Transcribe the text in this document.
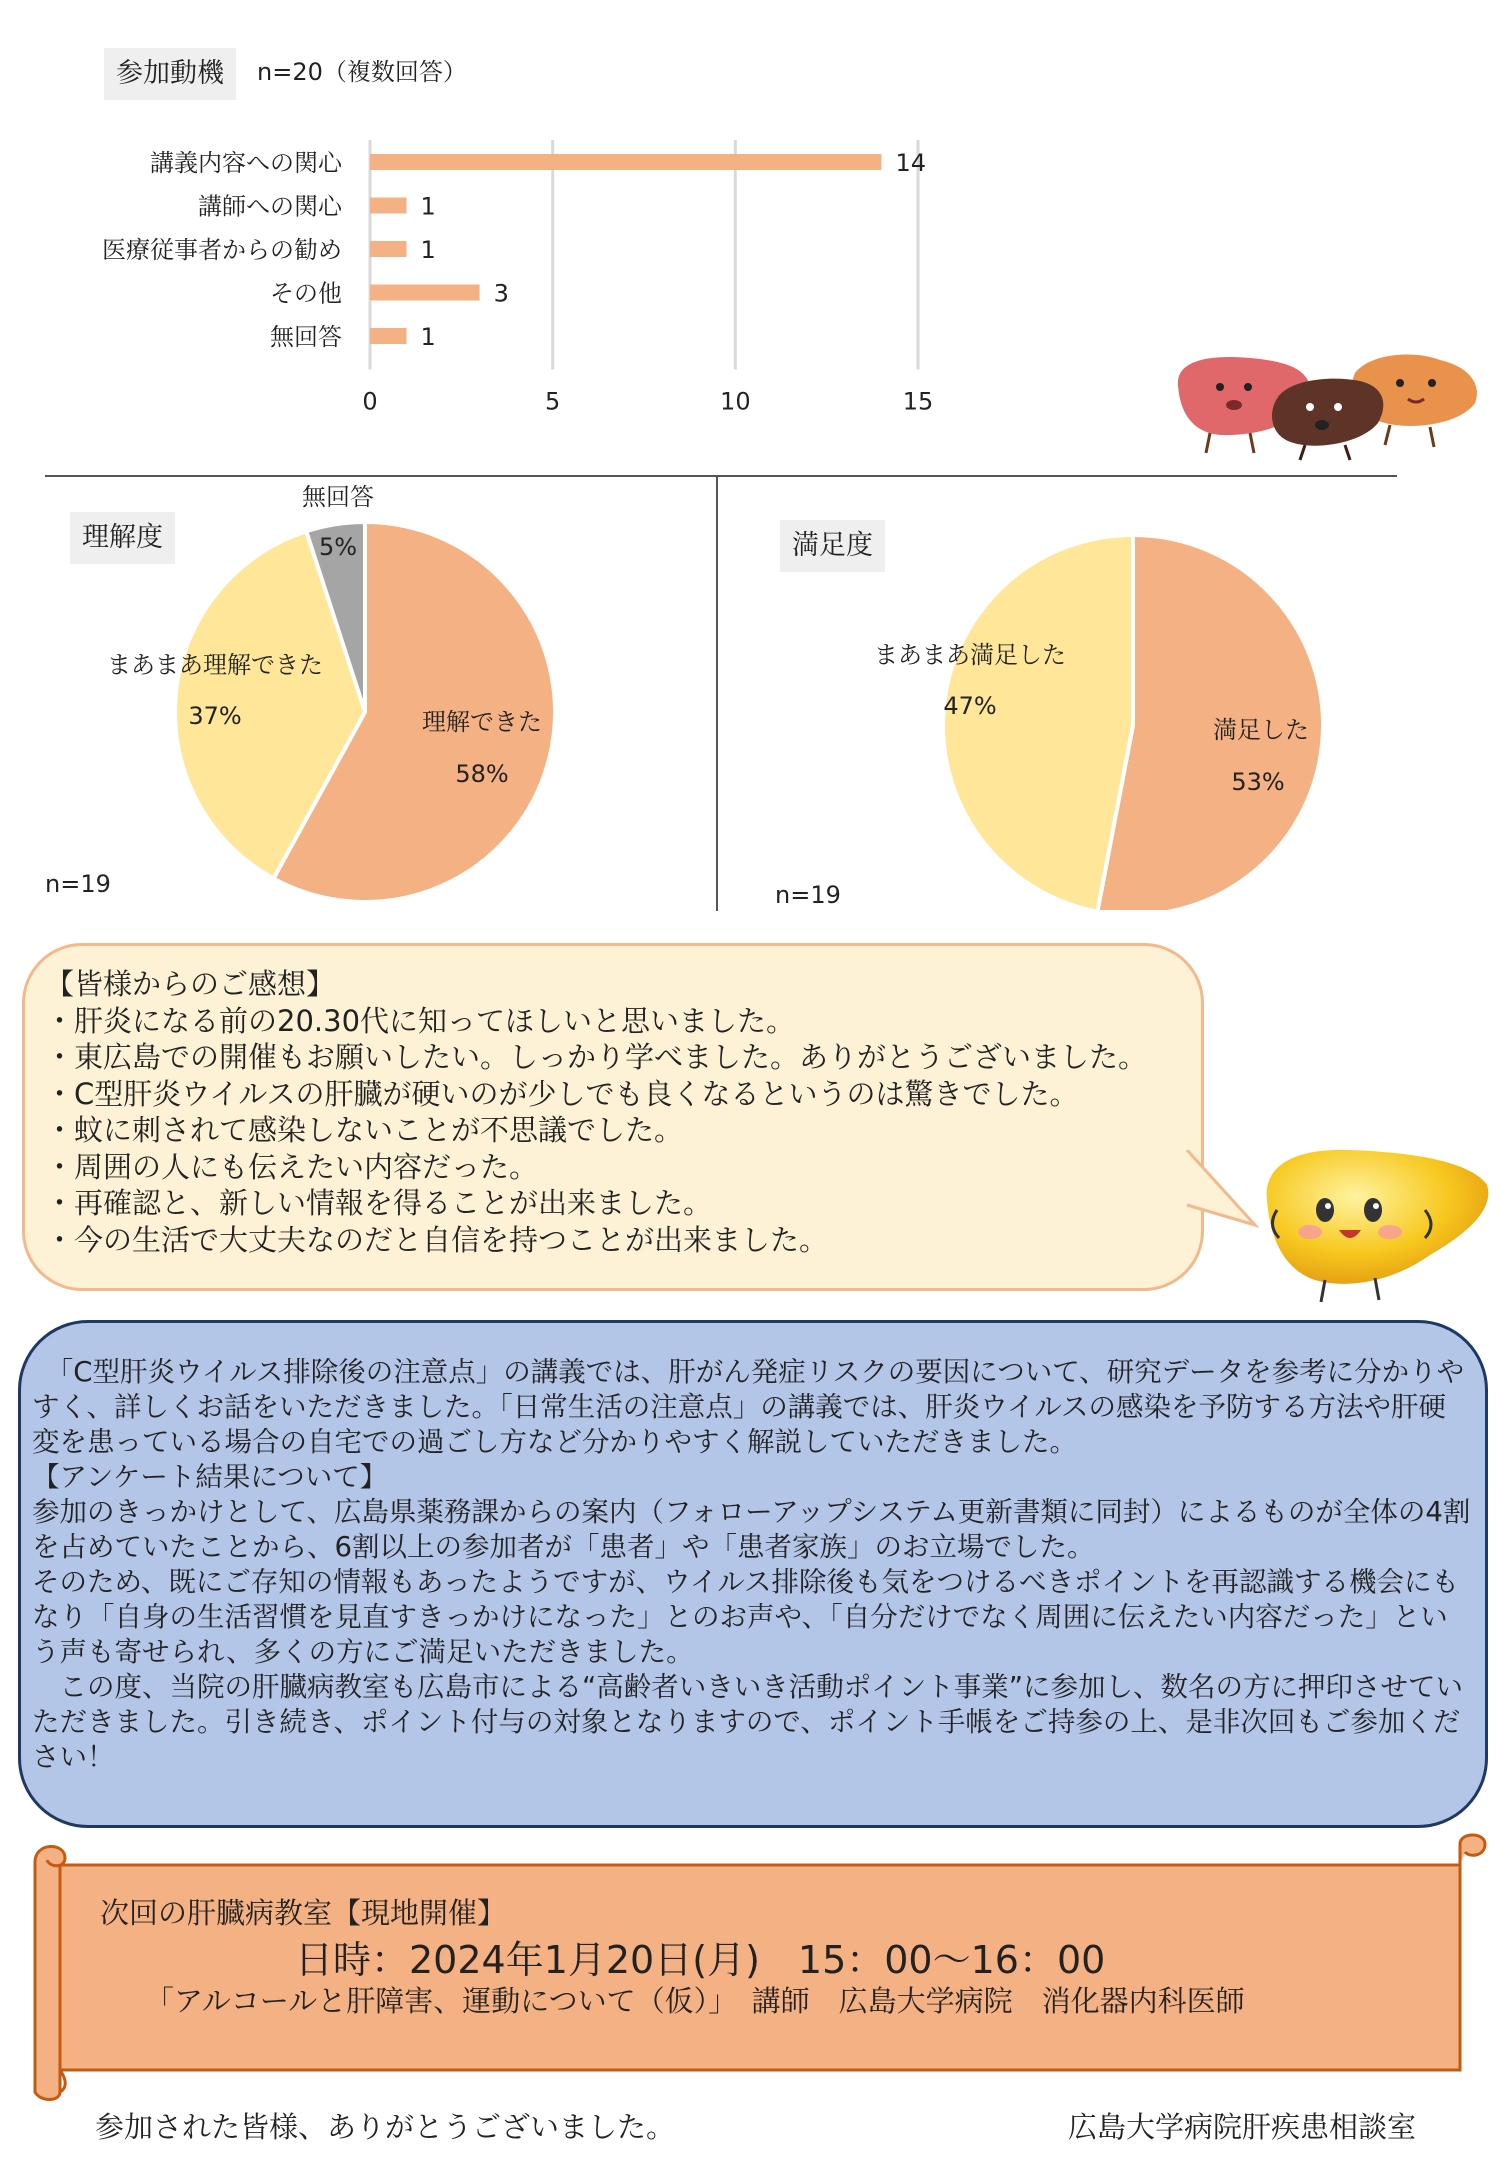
参加動機	n=20（複数回答）
0	5	10	15
講義内容への関心	14
講師への関心	1
医療従事者からの勧め	1
その他	3
無回答	1
理解度
理解できた
58%
まあまあ理解できた
37%
無回答
5%
n=19
満足度
満足した
53%
まあまあ満足した
47%
n=19
【皆様からのご感想】
・肝炎になる前の20.30代に知ってほしいと思いました。
・東広島での開催もお願いしたい。しっかり学べました。ありがとうございました。
・C型肝炎ウイルスの肝臓が硬いのが少しでも良くなるというのは驚きでした。
・蚊に刺されて感染しないことが不思議でした。
・周囲の人にも伝えたい内容だった。
・再確認と、新しい情報を得ることが出来ました。
・今の生活で大丈夫なのだと自信を持つことが出来ました。

　「C型肝炎ウイルス排除後の注意点」の講義では、肝がん発症リスクの要因について、研究データを参考に分かりやすく、詳しくお話をいただきました。「日常生活の注意点」の講義では、肝炎ウイルスの感染を予防する方法や肝硬変を患っている場合の自宅での過ごし方など分かりやすく解説していただきました。

【アンケート結果について】

参加のきっかけとして、広島県薬務課からの案内（フォローアップシステム更新書類に同封）によるものが全体の4割を占めていたことから、6割以上の参加者が「患者」や「患者家族」のお立場でした。

そのため、既にご存知の情報もあったようですが、ウイルス排除後も気をつけるべきポイントを再認識する機会にもなり「自身の生活習慣を見直すきっかけになった」とのお声や、「自分だけでなく周囲に伝えたい内容だった」という声も寄せられ、多くの方にご満足いただきました。

　この度、当院の肝臓病教室も広島市による“高齢者いきいき活動ポイント事業”に参加し、数名の方に押印させていただきました。引き続き、ポイント付与の対象となりますので、ポイント手帳をご持参の上、是非次回もご参加ください！

次回の肝臓病教室【現地開催】
日時：2024年1月20日(月)　15：00～16：00
「アルコールと肝障害、運動について（仮）」　講師　広島大学病院　消化器内科医師
参加された皆様、ありがとうございました。	広島大学病院肝疾患相談室
